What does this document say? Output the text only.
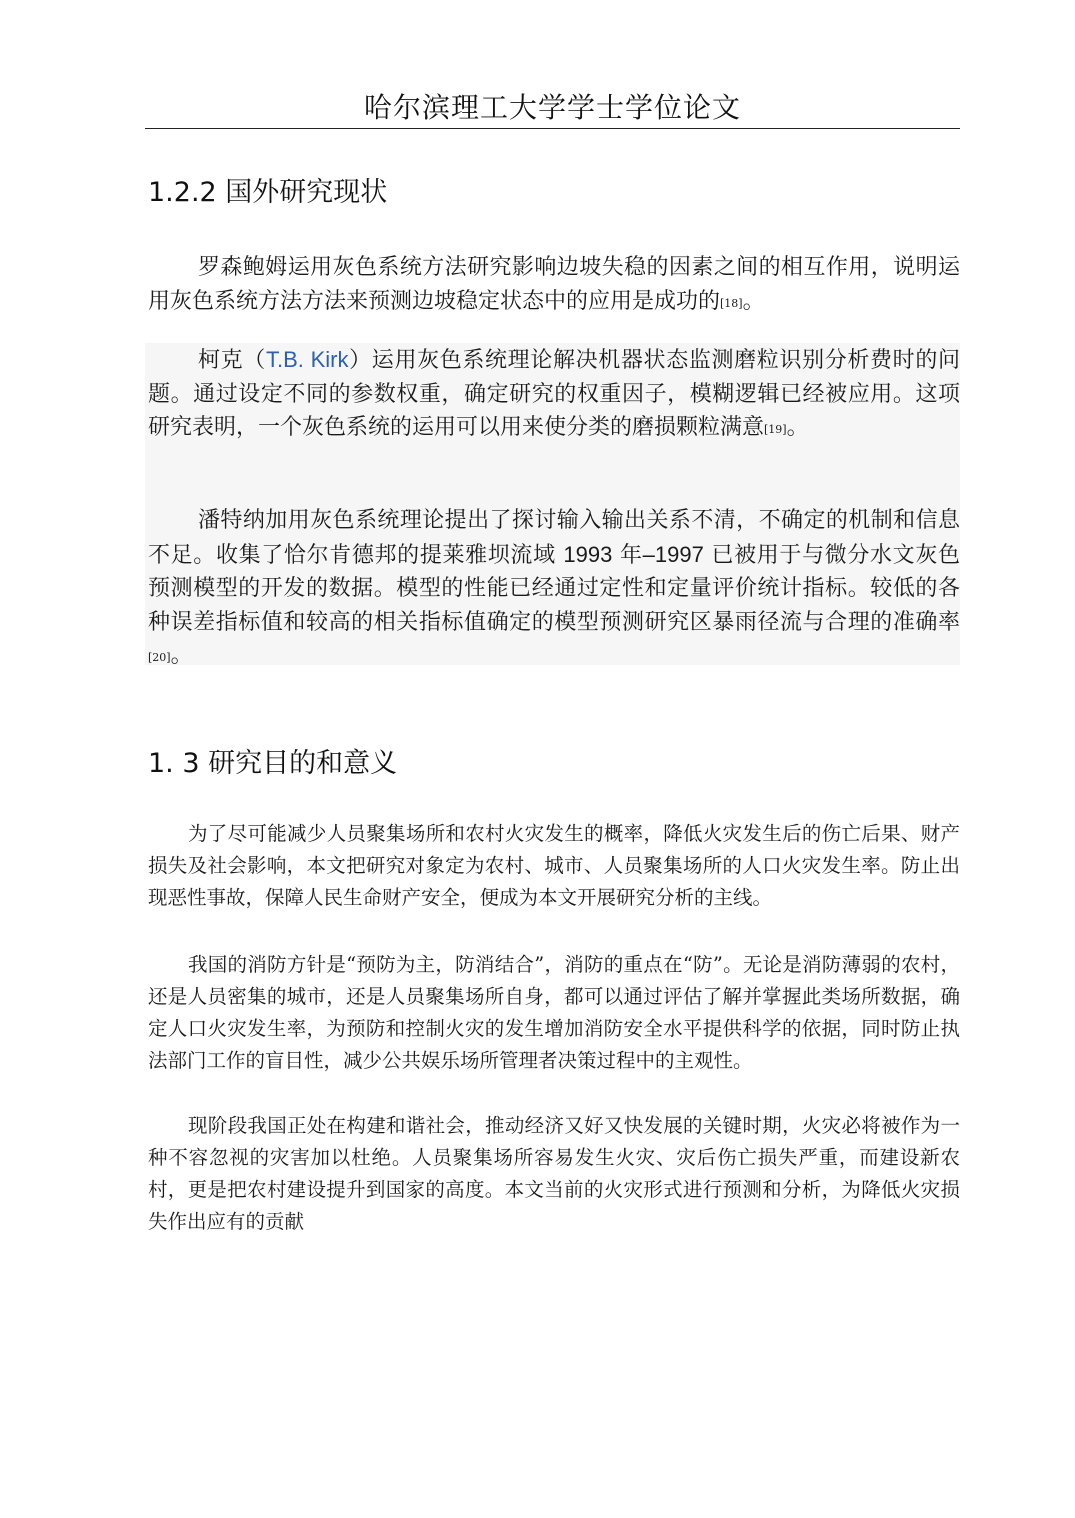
哈尔滨理工大学学士学位论文
1.2.2 国外研究现状

罗森鲍姆运用灰色系统方法研究影响边坡失稳的因素之间的相互作用，说明运用灰色系统方法方法来预测边坡稳定状态中的应用是成功的[18]。

柯克（T.B. Kirk）运用灰色系统理论解决机器状态监测磨粒识别分析费时的问题。通过设定不同的参数权重，确定研究的权重因子，模糊逻辑已经被应用。这项研究表明，一个灰色系统的运用可以用来使分类的磨损颗粒满意[19]。

潘特纳加用灰色系统理论提出了探讨输入输出关系不清，不确定的机制和信息不足。收集了恰尔肯德邦的提莱雅坝流域 1993 年–1997 已被用于与微分水文灰色预测模型的开发的数据。模型的性能已经通过定性和定量评价统计指标。较低的各种误差指标值和较高的相关指标值确定的模型预测研究区暴雨径流与合理的准确率[20]。

1. 3 研究目的和意义

为了尽可能减少人员聚集场所和农村火灾发生的概率，降低火灾发生后的伤亡后果、财产损失及社会影响，本文把研究对象定为农村、城市、人员聚集场所的人口火灾发生率。防止出现恶性事故，保障人民生命财产安全，便成为本文开展研究分析的主线。

我国的消防方针是“预防为主，防消结合”，消防的重点在“防”。无论是消防薄弱的农村，还是人员密集的城市，还是人员聚集场所自身，都可以通过评估了解并掌握此类场所数据，确定人口火灾发生率，为预防和控制火灾的发生增加消防安全水平提供科学的依据，同时防止执法部门工作的盲目性，减少公共娱乐场所管理者决策过程中的主观性。

现阶段我国正处在构建和谐社会，推动经济又好又快发展的关键时期，火灾必将被作为一种不容忽视的灾害加以杜绝。人员聚集场所容易发生火灾、灾后伤亡损失严重，而建设新农村，更是把农村建设提升到国家的高度。本文当前的火灾形式进行预测和分析，为降低火灾损失作出应有的贡献
